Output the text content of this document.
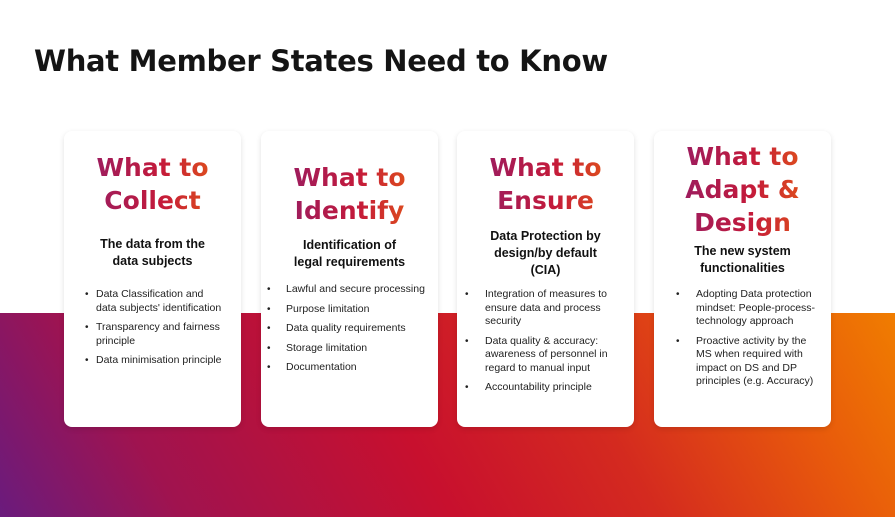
What Member States Need to Know
What to
Collect
The data from the
data subjects
• Data Classification and data subjects' identification
• Transparency and fairness principle
• Data minimisation principle
What to
Identify
Identification of
legal requirements
• Lawful and secure processing
• Purpose limitation
• Data quality requirements
• Storage limitation
• Documentation
What to
Ensure
Data Protection by
design/by default
(CIA)
• Integration of measures to ensure data and process security
• Data quality & accuracy: awareness of personnel in regard to manual input
• Accountability principle
What to
Adapt &
Design
The new system
functionalities
• Adopting Data protection mindset: People-process-technology approach
• Proactive activity by the MS when required with impact on DS and DP principles (e.g. Accuracy)
